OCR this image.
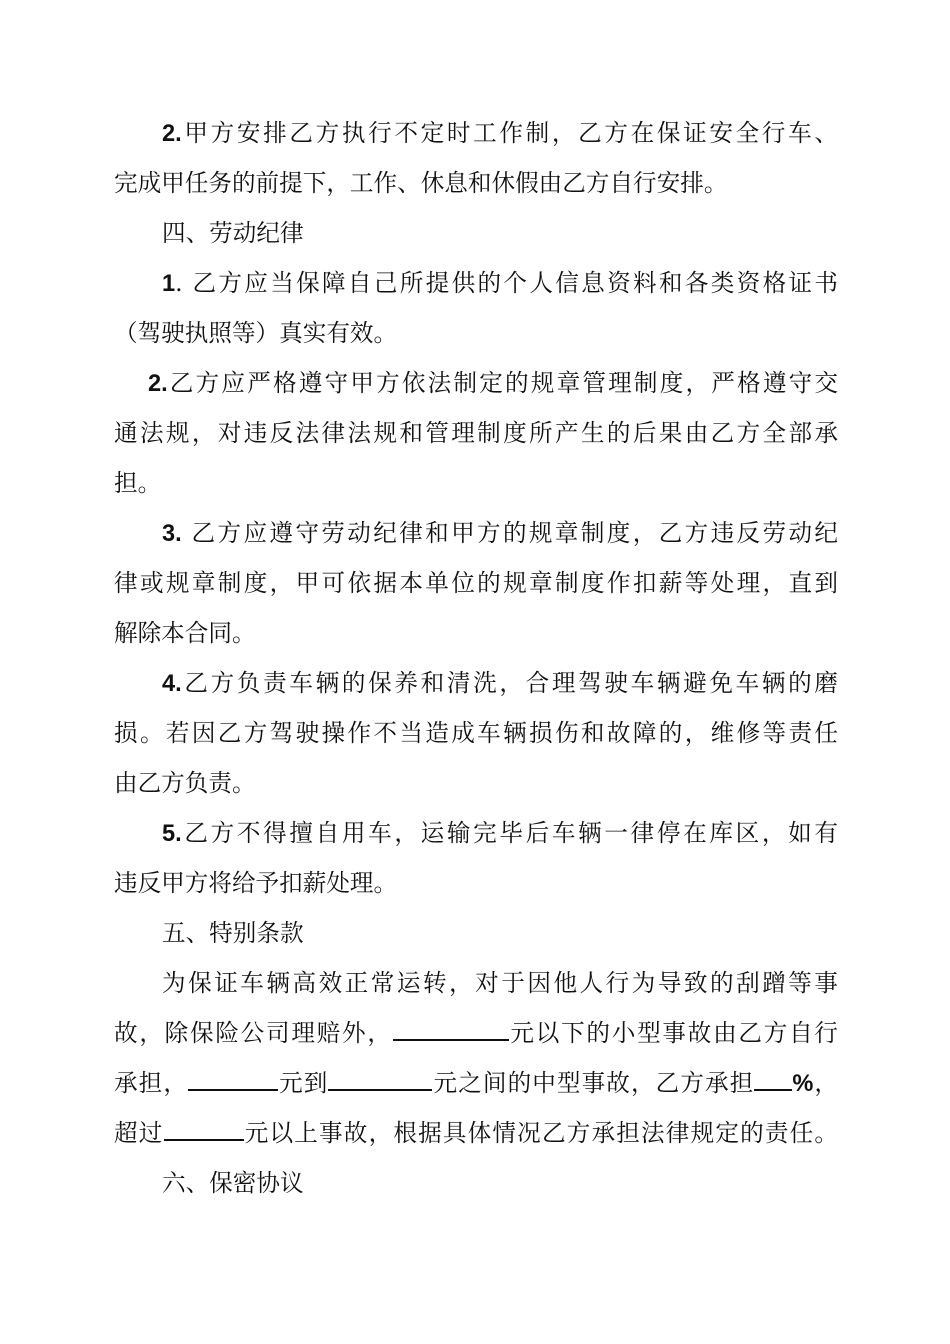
2.甲方安排乙方执行不定时工作制，乙方在保证安全行车、
完成甲任务的前提下，工作、休息和休假由乙方自行安排。
四、劳动纪律
1. 乙方应当保障自己所提供的个人信息资料和各类资格证书
（驾驶执照等）真实有效。
2.乙方应严格遵守甲方依法制定的规章管理制度，严格遵守交
通法规，对违反法律法规和管理制度所产生的后果由乙方全部承
担。
3. 乙方应遵守劳动纪律和甲方的规章制度，乙方违反劳动纪
律或规章制度，甲可依据本单位的规章制度作扣薪等处理，直到
解除本合同。
4.乙方负责车辆的保养和清洗，合理驾驶车辆避免车辆的磨
损。若因乙方驾驶操作不当造成车辆损伤和故障的，维修等责任
由乙方负责。
5.乙方不得擅自用车，运输完毕后车辆一律停在库区，如有
违反甲方将给予扣薪处理。
五、特别条款
为保证车辆高效正常运转，对于因他人行为导致的刮蹭等事
故，除保险公司理赔外，	元以下的小型事故由乙方自行
承担，	元到	元之间的中型事故，乙方承担 %，
超过	元以上事故，根据具体情况乙方承担法律规定的责任。
六、保密协议
